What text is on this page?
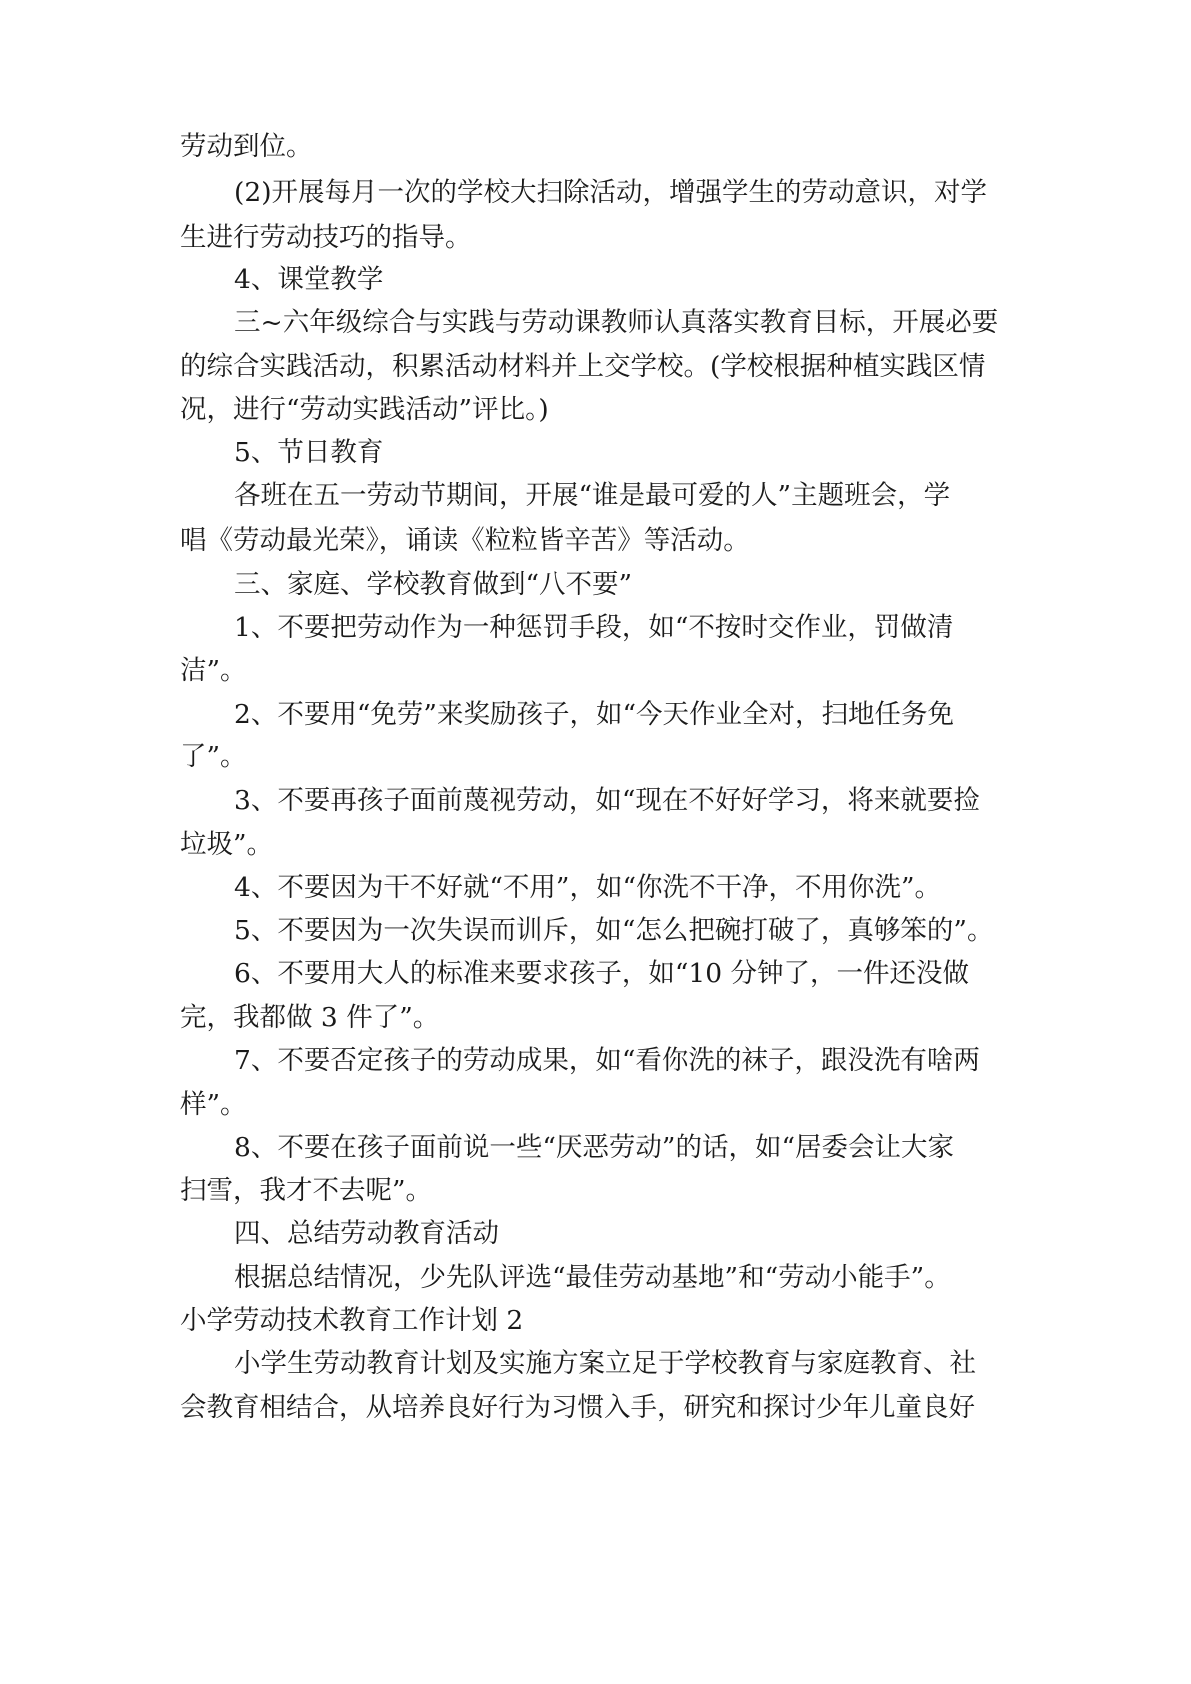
劳动到位。
(2)开展每月一次的学校大扫除活动，增强学生的劳动意识，对学
生进行劳动技巧的指导。
4、课堂教学
三~六年级综合与实践与劳动课教师认真落实教育目标，开展必要
的综合实践活动，积累活动材料并上交学校。(学校根据种植实践区情
况，进行“劳动实践活动”评比。)
5、节日教育
各班在五一劳动节期间，开展“谁是最可爱的人”主题班会，学
唱《劳动最光荣》，诵读《粒粒皆辛苦》等活动。
三、家庭、学校教育做到“八不要”
1、不要把劳动作为一种惩罚手段，如“不按时交作业，罚做清
洁”。
2、不要用“免劳”来奖励孩子，如“今天作业全对，扫地任务免
了”。
3、不要再孩子面前蔑视劳动，如“现在不好好学习，将来就要捡
垃圾”。
4、不要因为干不好就“不用”，如“你洗不干净，不用你洗”。
5、不要因为一次失误而训斥，如“怎么把碗打破了，真够笨的”。
6、不要用大人的标准来要求孩子，如“10 分钟了，一件还没做
完，我都做 3 件了”。
7、不要否定孩子的劳动成果，如“看你洗的袜子，跟没洗有啥两
样”。
8、不要在孩子面前说一些“厌恶劳动”的话，如“居委会让大家
扫雪，我才不去呢”。
四、总结劳动教育活动
根据总结情况，少先队评选“最佳劳动基地”和“劳动小能手”。
小学劳动技术教育工作计划 2
小学生劳动教育计划及实施方案立足于学校教育与家庭教育、社
会教育相结合，从培养良好行为习惯入手，研究和探讨少年儿童良好
